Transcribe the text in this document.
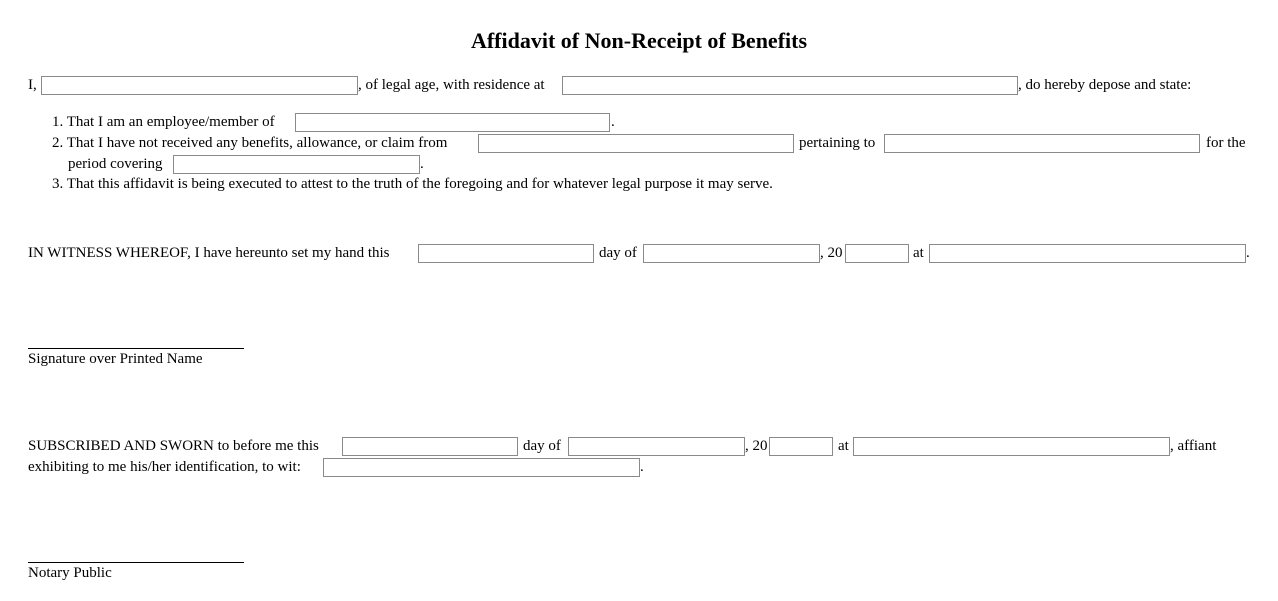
Affidavit of Non-Receipt of Benefits
I,	, of legal age, with residence at	, do hereby depose and state:
1. That I am an employee/member of	.
2. That I have not received any benefits, allowance, or claim from	pertaining to	for the
period covering	.
3. That this affidavit is being executed to attest to the truth of the foregoing and for whatever legal purpose it may serve.
IN WITNESS WHEREOF, I have hereunto set my hand this	day of	, 20	at	.
Signature over Printed Name
SUBSCRIBED AND SWORN to before me this	day of	, 20	at	, affiant
exhibiting to me his/her identification, to wit:	.
Notary Public
